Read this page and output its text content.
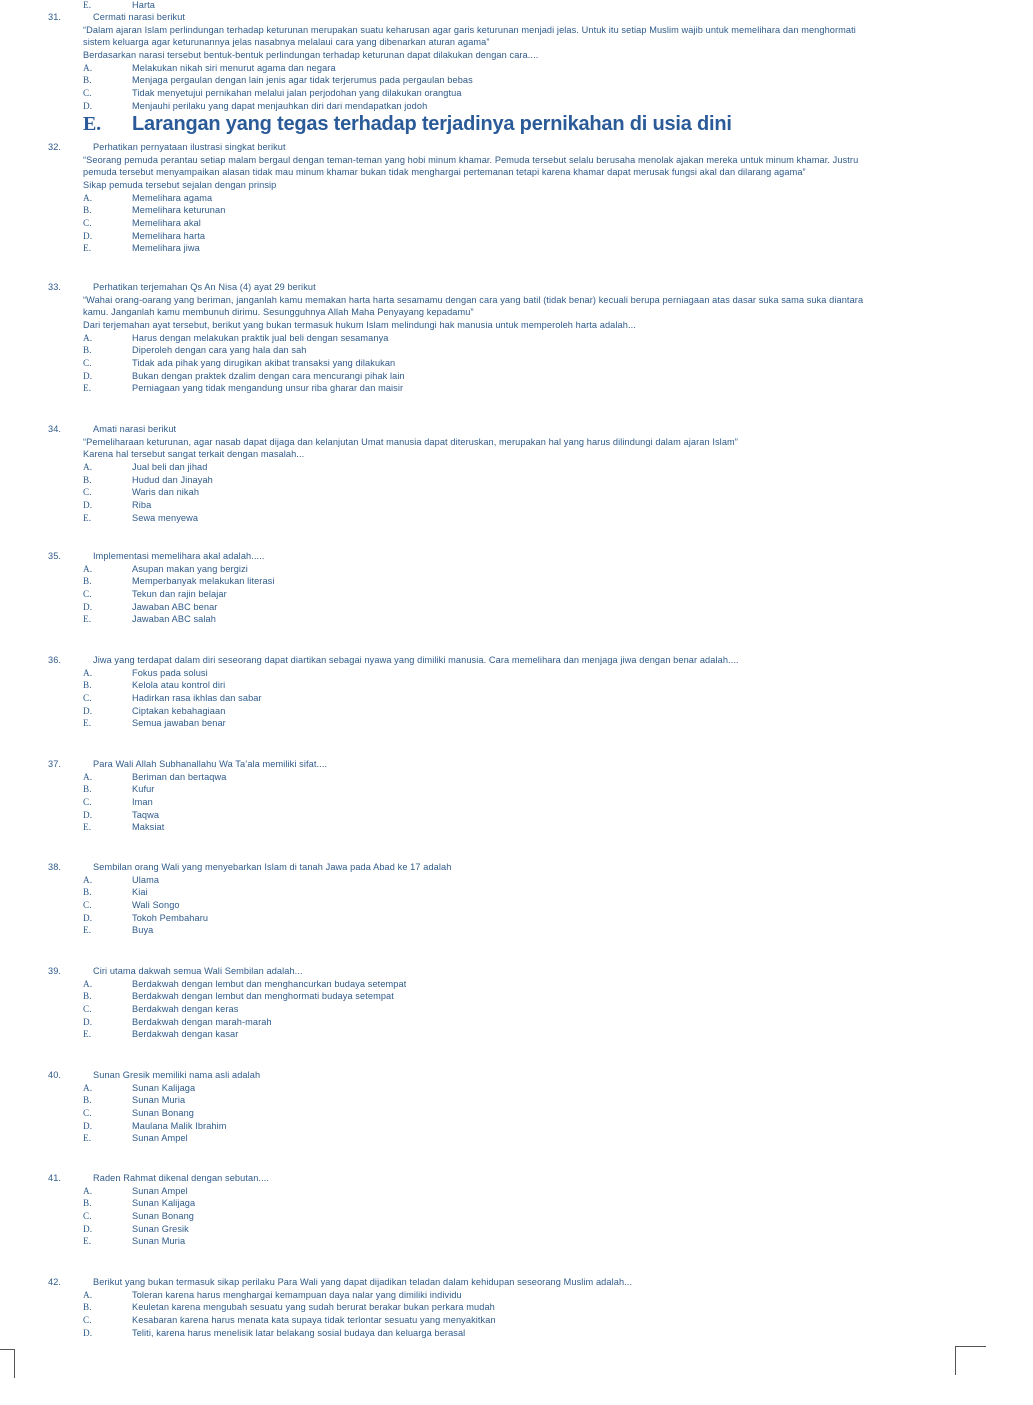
E.	Harta
31.	Cermati narasi berikut
“Dalam ajaran Islam perlindungan terhadap keturunan merupakan suatu keharusan agar garis keturunan menjadi jelas. Untuk itu setiap Muslim wajib untuk memelihara dan menghormati
sistem keluarga agar keturunannya jelas nasabnya melalaui cara yang dibenarkan aturan agama”
Berdasarkan narasi tersebut bentuk-bentuk perlindungan terhadap keturunan dapat dilakukan dengan cara....
A.	Melakukan nikah siri menurut agama dan negara
B.	Menjaga pergaulan dengan lain jenis agar tidak terjerumus pada pergaulan bebas
C.	Tidak menyetujui pernikahan melalui jalan perjodohan yang dilakukan orangtua
D.	Menjauhi perilaku yang dapat menjauhkan diri dari mendapatkan jodoh
E. Larangan yang tegas terhadap terjadinya pernikahan di usia dini
32.	Perhatikan pernyataan ilustrasi singkat berikut
“Seorang pemuda perantau setiap malam bergaul dengan teman-teman yang hobi minum khamar. Pemuda tersebut selalu berusaha menolak ajakan mereka untuk minum khamar. Justru
pemuda tersebut menyampaikan alasan tidak mau minum khamar bukan tidak menghargai pertemanan tetapi karena khamar dapat merusak fungsi akal dan dilarang agama”
Sikap pemuda tersebut sejalan dengan prinsip
A.	Memelihara agama
B.	Memelihara keturunan
C.	Memelihara akal
D.	Memelihara harta
E.	Memelihara jiwa
33.	Perhatikan terjemahan Qs An Nisa (4) ayat 29 berikut
“Wahai orang-oarang yang beriman, janganlah kamu memakan harta harta sesamamu dengan cara yang batil (tidak benar) kecuali berupa perniagaan atas dasar suka sama suka diantara
kamu. Janganlah kamu membunuh dirimu. Sesungguhnya Allah Maha Penyayang kepadamu”
Dari terjemahan ayat tersebut, berikut yang bukan termasuk hukum Islam melindungi hak manusia untuk memperoleh harta adalah...
A.	Harus dengan melakukan praktik jual beli dengan sesamanya
B.	Diperoleh dengan cara yang hala dan sah
C.	Tidak ada pihak yang dirugikan akibat transaksi yang dilakukan
D.	Bukan dengan praktek dzalim dengan cara mencurangi pihak lain
E.	Perniagaan yang tidak mengandung unsur riba gharar dan maisir
34.	Amati narasi berikut
“Pemeliharaan keturunan, agar nasab dapat dijaga dan kelanjutan Umat manusia dapat diteruskan, merupakan hal yang harus dilindungi dalam ajaran Islam”
Karena hal tersebut sangat terkait dengan masalah...
A.	Jual beli dan jihad
B.	Hudud dan Jinayah
C.	Waris dan nikah
D.	Riba
E.	Sewa menyewa
35.	Implementasi memelihara akal adalah.....
A.	Asupan makan yang bergizi
B.	Memperbanyak melakukan literasi
C.	Tekun dan rajin belajar
D.	Jawaban ABC benar
E.	Jawaban ABC salah
36.	Jiwa yang terdapat dalam diri seseorang dapat diartikan sebagai nyawa yang dimiliki manusia. Cara memelihara dan menjaga jiwa dengan benar adalah....
A.	Fokus pada solusi
B.	Kelola atau kontrol diri
C.	Hadirkan rasa ikhlas dan sabar
D.	Ciptakan kebahagiaan
E.	Semua jawaban benar
37.	Para Wali Allah Subhanallahu Wa Ta’ala memiliki sifat....
A.	Beriman dan bertaqwa
B.	Kufur
C.	Iman
D.	Taqwa
E.	Maksiat
38.	Sembilan orang Wali yang menyebarkan Islam di tanah Jawa pada Abad ke 17 adalah
A.	Ulama
B.	Kiai
C.	Wali Songo
D.	Tokoh Pembaharu
E.	Buya
39.	Ciri utama dakwah semua Wali Sembilan adalah...
A.	Berdakwah dengan lembut dan menghancurkan budaya setempat
B.	Berdakwah dengan lembut dan menghormati budaya setempat
C.	Berdakwah dengan keras
D.	Berdakwah dengan marah-marah
E.	Berdakwah dengan kasar
40.	Sunan Gresik memiliki nama asli adalah
A.	Sunan Kalijaga
B.	Sunan Muria
C.	Sunan Bonang
D.	Maulana Malik Ibrahim
E.	Sunan Ampel
41.	Raden Rahmat dikenal dengan sebutan....
A.	Sunan Ampel
B.	Sunan Kalijaga
C.	Sunan Bonang
D.	Sunan Gresik
E.	Sunan Muria
42.	Berikut yang bukan termasuk sikap perilaku Para Wali yang dapat dijadikan teladan dalam kehidupan seseorang Muslim adalah...
A.	Toleran karena harus menghargai kemampuan daya nalar yang dimiliki individu
B.	Keuletan karena mengubah sesuatu yang sudah berurat berakar bukan perkara mudah
C.	Kesabaran karena harus menata kata supaya tidak terlontar sesuatu yang menyakitkan
D.	Teliti, karena harus menelisik latar belakang sosial budaya dan keluarga berasal
